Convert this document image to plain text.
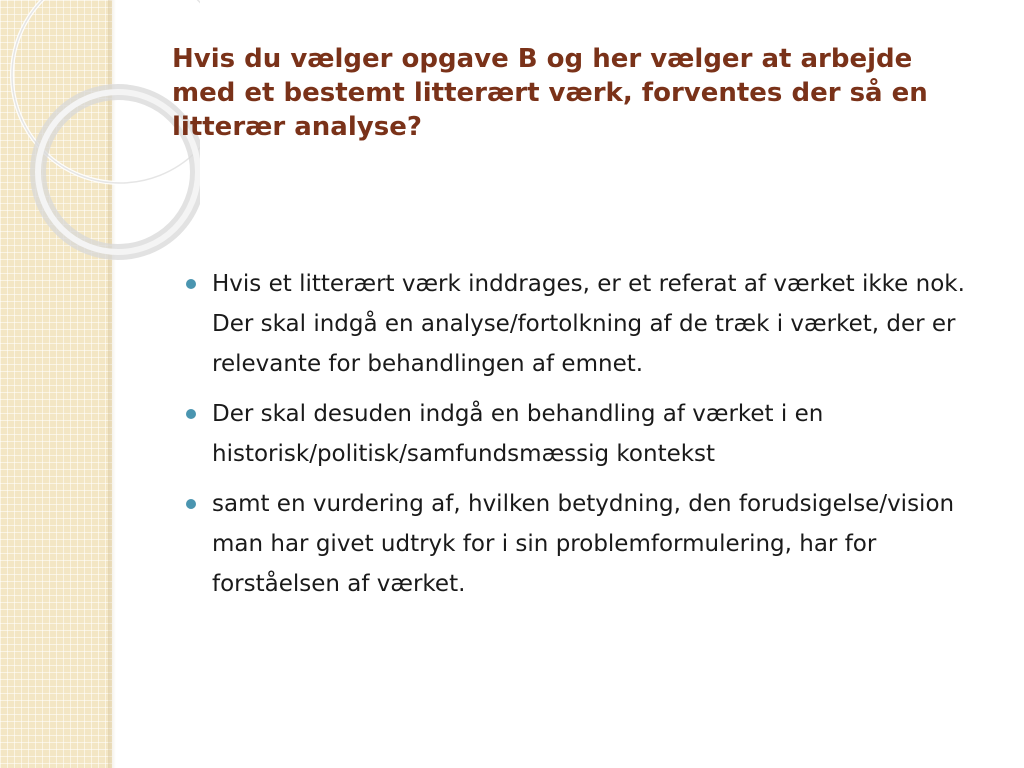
Hvis du vælger opgave B og her vælger at arbejde med et bestemt litterært værk, forventes der så en litterær analyse?
Hvis et litterært værk inddrages, er et referat af værket ikke nok. Der skal indgå en analyse/fortolkning af de træk i værket, der er relevante for behandlingen af emnet.
Der skal desuden indgå en behandling af værket i en historisk/politisk/samfundsmæssig kontekst
samt en vurdering af, hvilken betydning, den forudsigelse/vision man har givet udtryk for i sin problemformulering, har for forståelsen af værket.
